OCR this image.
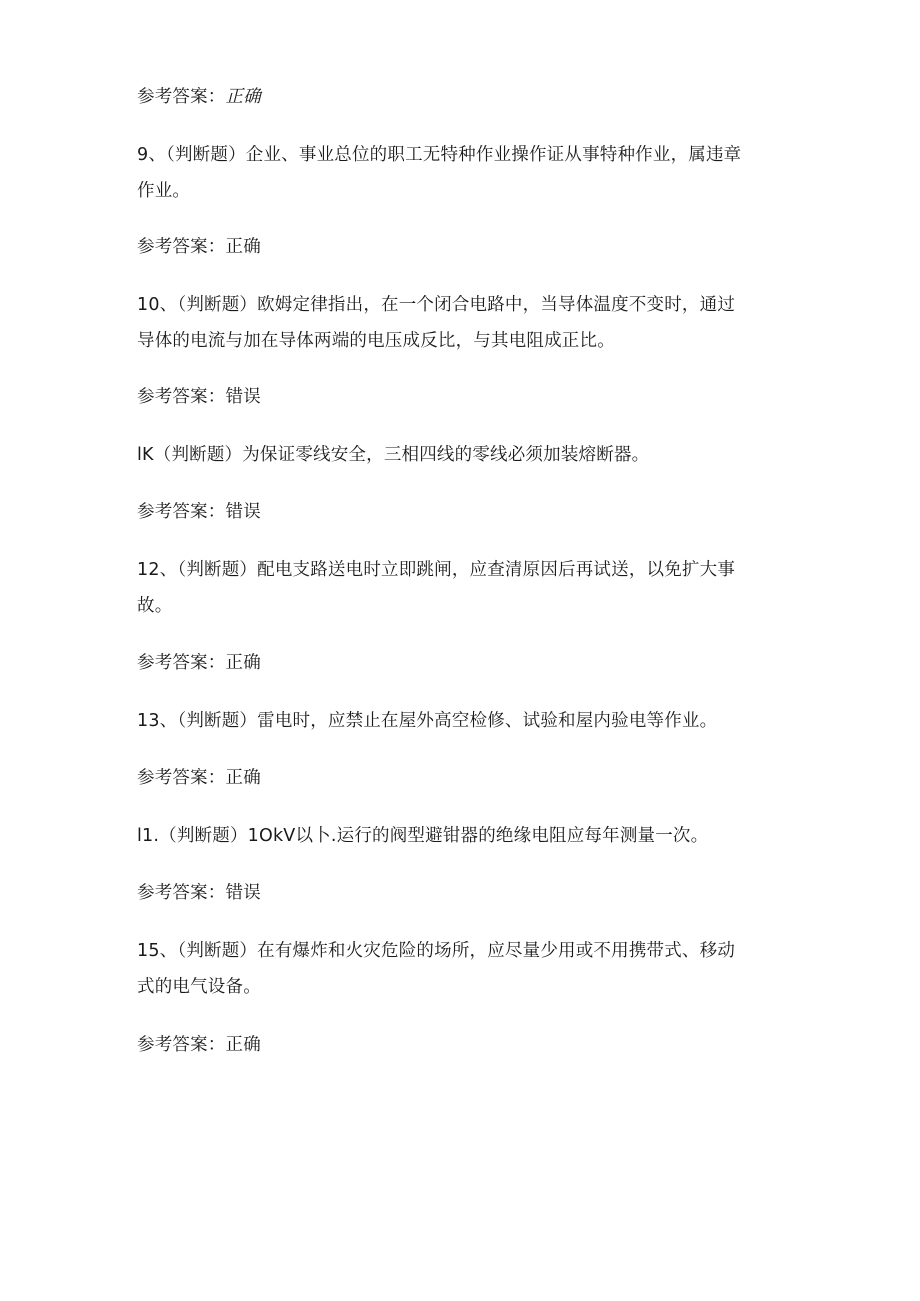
参考答案：正确
9、（判断题）企业、事业总位的职工无特种作业操作证从事特种作业，属违章
作业。
参考答案：正确
10、（判断题）欧姆定律指出，在一个闭合电路中，当导体温度不变时，通过
导体的电流与加在导体两端的电压成反比，与其电阻成正比。
参考答案：错误
lK（判断题）为保证零线安全，三相四线的零线必须加装熔断器。
参考答案：错误
12、（判断题）配电支路送电时立即跳闸，应查清原因后再试送，以免扩大事
故。
参考答案：正确
13、（判断题）雷电时，应禁止在屋外高空检修、试验和屋内验电等作业。
参考答案：正确
l1.（判断题）1OkV以卜.运行的阀型避钳器的绝缘电阻应每年测量一次。
参考答案：错误
15、（判断题）在有爆炸和火灾危险的场所，应尽量少用或不用携带式、移动
式的电气设备。
参考答案：正确
